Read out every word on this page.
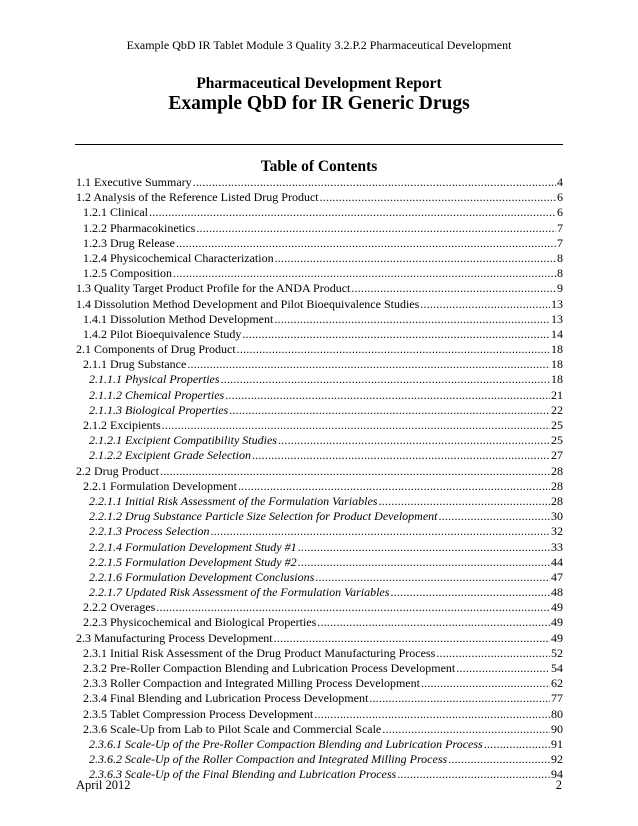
Example QbD IR Tablet Module 3 Quality 3.2.P.2 Pharmaceutical Development
Pharmaceutical Development Report
Example QbD for IR Generic Drugs
Table of Contents
1.1 Executive Summary .....	4
1.2 Analysis of the Reference Listed Drug Product .....	6
1.2.1 Clinical .....	6
1.2.2 Pharmacokinetics .....	7
1.2.3 Drug Release .....	7
1.2.4 Physicochemical Characterization .....	8
1.2.5 Composition .....	8
1.3 Quality Target Product Profile for the ANDA Product .....	9
1.4 Dissolution Method Development and Pilot Bioequivalence Studies .....	13
1.4.1 Dissolution Method Development .....	13
1.4.2 Pilot Bioequivalence Study .....	14
2.1 Components of Drug Product .....	18
2.1.1 Drug Substance .....	18
2.1.1.1 Physical Properties .....	18
2.1.1.2 Chemical Properties .....	21
2.1.1.3 Biological Properties .....	22
2.1.2 Excipients .....	25
2.1.2.1 Excipient Compatibility Studies .....	25
2.1.2.2 Excipient Grade Selection .....	27
2.2 Drug Product .....	28
2.2.1 Formulation Development .....	28
2.2.1.1 Initial Risk Assessment of the Formulation Variables .....	28
2.2.1.2 Drug Substance Particle Size Selection for Product Development .....	30
2.2.1.3 Process Selection .....	32
2.2.1.4 Formulation Development Study #1 .....	33
2.2.1.5 Formulation Development Study #2 .....	44
2.2.1.6 Formulation Development Conclusions .....	47
2.2.1.7 Updated Risk Assessment of the Formulation Variables .....	48
2.2.2 Overages .....	49
2.2.3 Physicochemical and Biological Properties .....	49
2.3 Manufacturing Process Development .....	49
2.3.1 Initial Risk Assessment of the Drug Product Manufacturing Process .....	52
2.3.2 Pre-Roller Compaction Blending and Lubrication Process Development .....	54
2.3.3 Roller Compaction and Integrated Milling Process Development .....	62
2.3.4 Final Blending and Lubrication Process Development .....	77
2.3.5 Tablet Compression Process Development .....	80
2.3.6 Scale-Up from Lab to Pilot Scale and Commercial Scale .....	90
2.3.6.1 Scale-Up of the Pre-Roller Compaction Blending and Lubrication Process .....	91
2.3.6.2 Scale-Up of the Roller Compaction and Integrated Milling Process .....	92
2.3.6.3 Scale-Up of the Final Blending and Lubrication Process .....	94
April 2012	2
